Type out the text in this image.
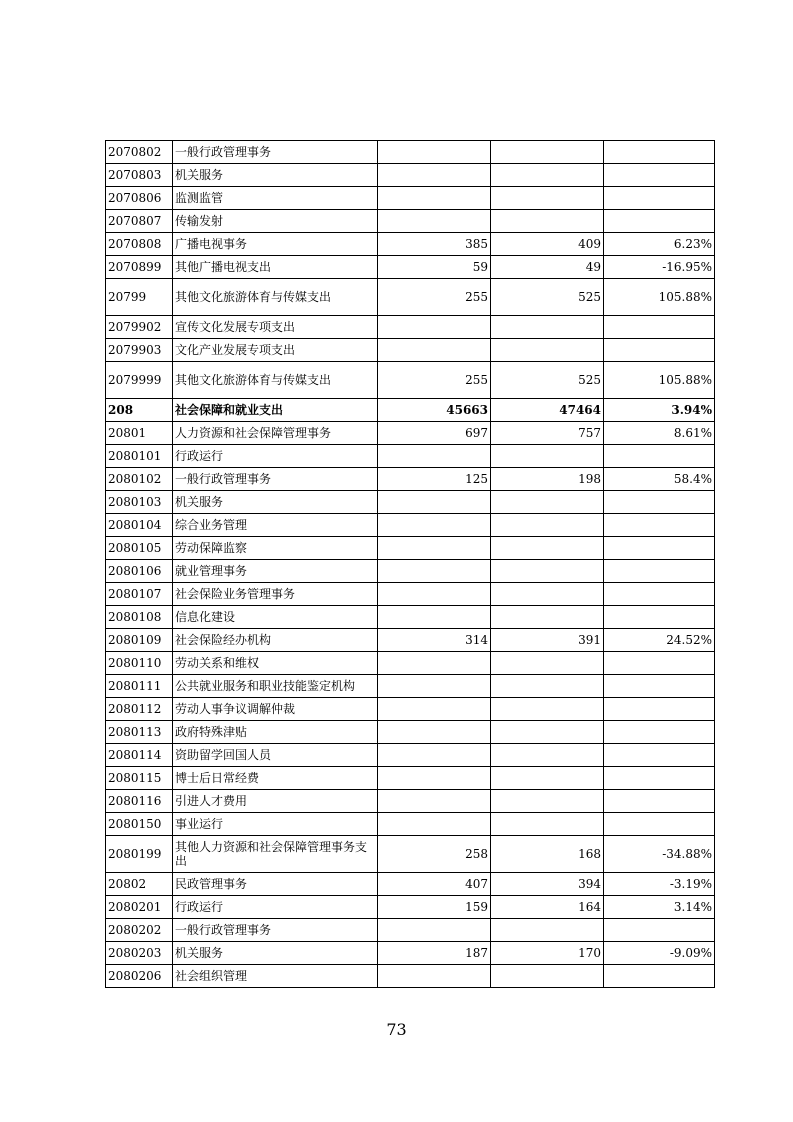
2070802	一般行政管理事务			
2070803	机关服务			
2070806	监测监管			
2070807	传输发射			
2070808	广播电视事务	385	409	6.23%
2070899	其他广播电视支出	59	49	-16.95%
20799	其他文化旅游体育与传媒支出	255	525	105.88%
2079902	宣传文化发展专项支出			
2079903	文化产业发展专项支出			
2079999	其他文化旅游体育与传媒支出	255	525	105.88%
208	社会保障和就业支出	45663	47464	3.94%
20801	人力资源和社会保障管理事务	697	757	8.61%
2080101	行政运行			
2080102	一般行政管理事务	125	198	58.4%
2080103	机关服务			
2080104	综合业务管理			
2080105	劳动保障监察			
2080106	就业管理事务			
2080107	社会保险业务管理事务			
2080108	信息化建设			
2080109	社会保险经办机构	314	391	24.52%
2080110	劳动关系和维权			
2080111	公共就业服务和职业技能鉴定机构			
2080112	劳动人事争议调解仲裁			
2080113	政府特殊津贴			
2080114	资助留学回国人员			
2080115	博士后日常经费			
2080116	引进人才费用			
2080150	事业运行			
2080199	其他人力资源和社会保障管理事务支出	258	168	-34.88%
20802	民政管理事务	407	394	-3.19%
2080201	行政运行	159	164	3.14%
2080202	一般行政管理事务			
2080203	机关服务	187	170	-9.09%
2080206	社会组织管理			
73
